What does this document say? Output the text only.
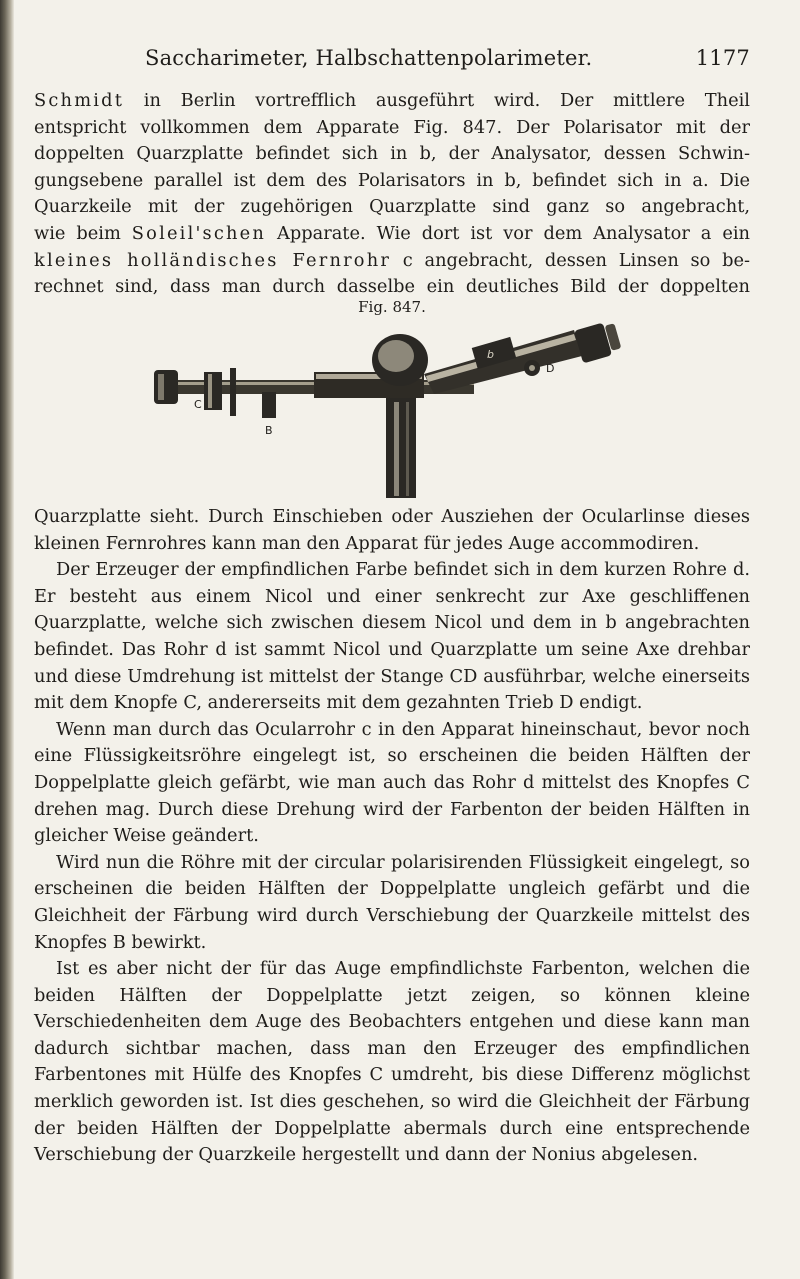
Saccharimeter, Halbschattenpolarimeter.	1177

Schmidt in Berlin vortrefflich ausgeführt wird. Der mittlere Theil

entspricht vollkommen dem Apparate Fig. 847. Der Polarisator mit der

doppelten Quarzplatte befindet sich in b, der Analysator, dessen Schwin-

gungsebene parallel ist dem des Polarisators in b, befindet sich in a. Die

Quarzkeile mit der zugehörigen Quarzplatte sind ganz so angebracht,

wie beim Soleil'schen Apparate. Wie dort ist vor dem Analysator a ein

kleines holländisches Fernrohr c angebracht, dessen Linsen so be-

rechnet sind, dass man durch dasselbe ein deutliches Bild der doppelten

Fig. 847.
C
B
b
D

Quarzplatte sieht. Durch Einschieben oder Ausziehen der Ocularlinse dieses kleinen Fernrohres kann man den Apparat für jedes Auge accommodiren.

Der Erzeuger der empfindlichen Farbe befindet sich in dem kurzen Rohre d. Er besteht aus einem Nicol und einer senkrecht zur Axe geschliffenen Quarzplatte, welche sich zwischen diesem Nicol und dem in b angebrachten befindet. Das Rohr d ist sammt Nicol und Quarzplatte um seine Axe drehbar und diese Umdrehung ist mittelst der Stange CD ausführbar, welche einerseits mit dem Knopfe C, andererseits mit dem gezahnten Trieb D endigt.

Wenn man durch das Ocularrohr c in den Apparat hineinschaut, bevor noch eine Flüssigkeitsröhre eingelegt ist, so erscheinen die beiden Hälften der Doppelplatte gleich gefärbt, wie man auch das Rohr d mittelst des Knopfes C drehen mag. Durch diese Drehung wird der Farbenton der beiden Hälften in gleicher Weise geändert.

Wird nun die Röhre mit der circular polarisirenden Flüssigkeit eingelegt, so erscheinen die beiden Hälften der Doppelplatte ungleich gefärbt und die Gleichheit der Färbung wird durch Verschiebung der Quarzkeile mittelst des Knopfes B bewirkt.

Ist es aber nicht der für das Auge empfindlichste Farbenton, welchen die beiden Hälften der Doppelplatte jetzt zeigen, so können kleine Verschiedenheiten dem Auge des Beobachters entgehen und diese kann man dadurch sichtbar machen, dass man den Erzeuger des empfindlichen Farbentones mit Hülfe des Knopfes C umdreht, bis diese Differenz möglichst merklich geworden ist. Ist dies geschehen, so wird die Gleichheit der Färbung der beiden Hälften der Doppelplatte abermals durch eine entsprechende Verschiebung der Quarzkeile hergestellt und dann der Nonius abgelesen.
